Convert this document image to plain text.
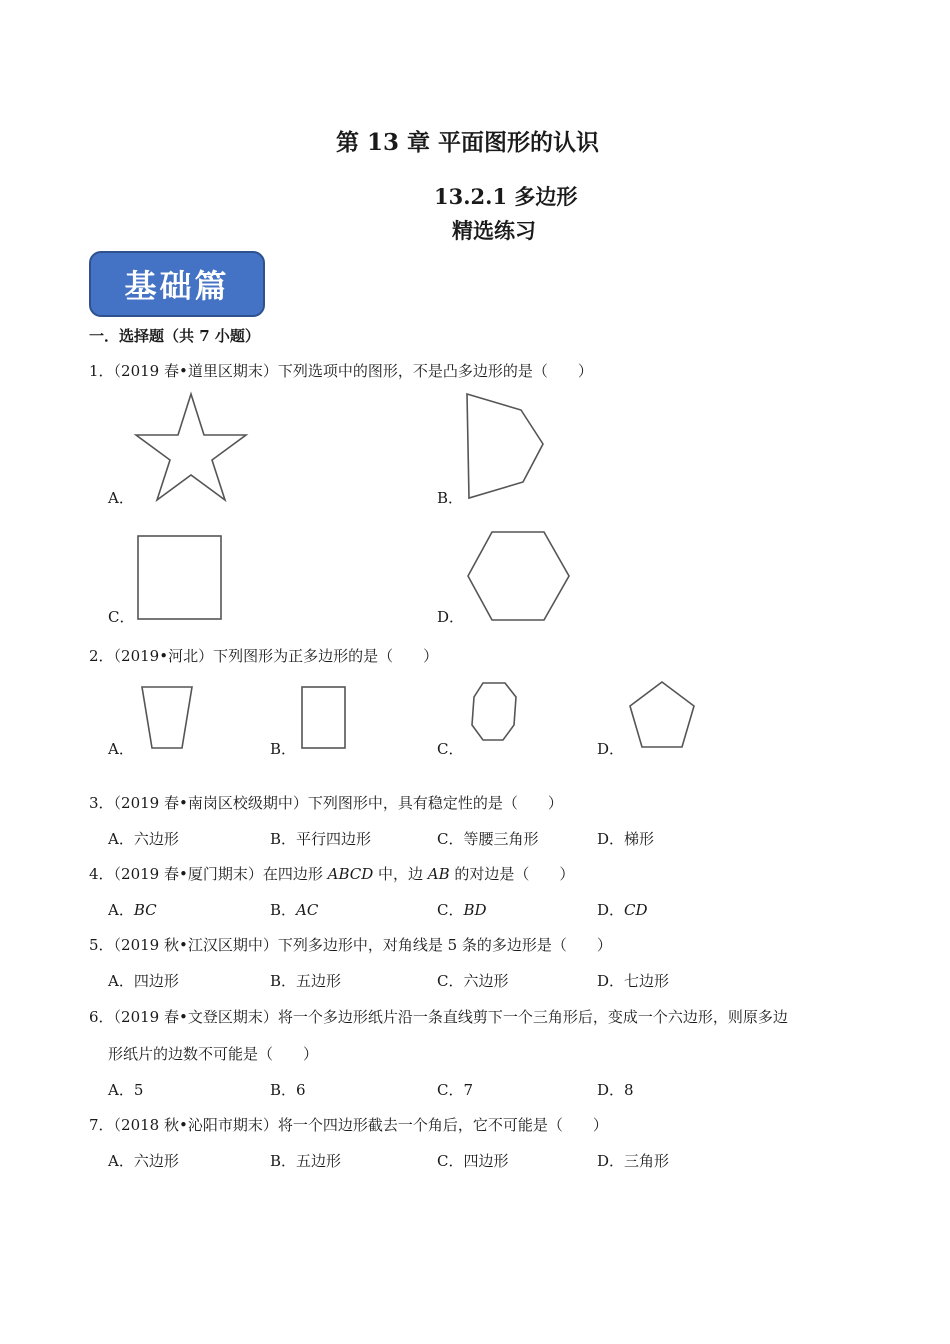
第 13 章 平面图形的认识
13.2.1 多边形
精选练习
基础篇
一．选择题（共 7 小题）
1．（2019 春•道里区期末）下列选项中的图形，不是凸多边形的是（　　）
A．	B．
C．	D．
2．（2019•河北）下列图形为正多边形的是（　　）
A．	B．	C．	D．
3．（2019 春•南岗区校级期中）下列图形中，具有稳定性的是（　　）
A．六边形	B．平行四边形	C．等腰三角形	D．梯形
4．（2019 春•厦门期末）在四边形 ABCD 中，边 AB 的对边是（　　）
A．BC	B．AC	C．BD	D．CD
5．（2019 秋•江汉区期中）下列多边形中，对角线是 5 条的多边形是（　　）
A．四边形	B．五边形	C．六边形	D．七边形
6．（2019 春•文登区期末）将一个多边形纸片沿一条直线剪下一个三角形后，变成一个六边形，则原多边
形纸片的边数不可能是（　　）
A．5	B．6	C．7	D．8
7．（2018 秋•沁阳市期末）将一个四边形截去一个角后，它不可能是（　　）
A．六边形	B．五边形	C．四边形	D．三角形
